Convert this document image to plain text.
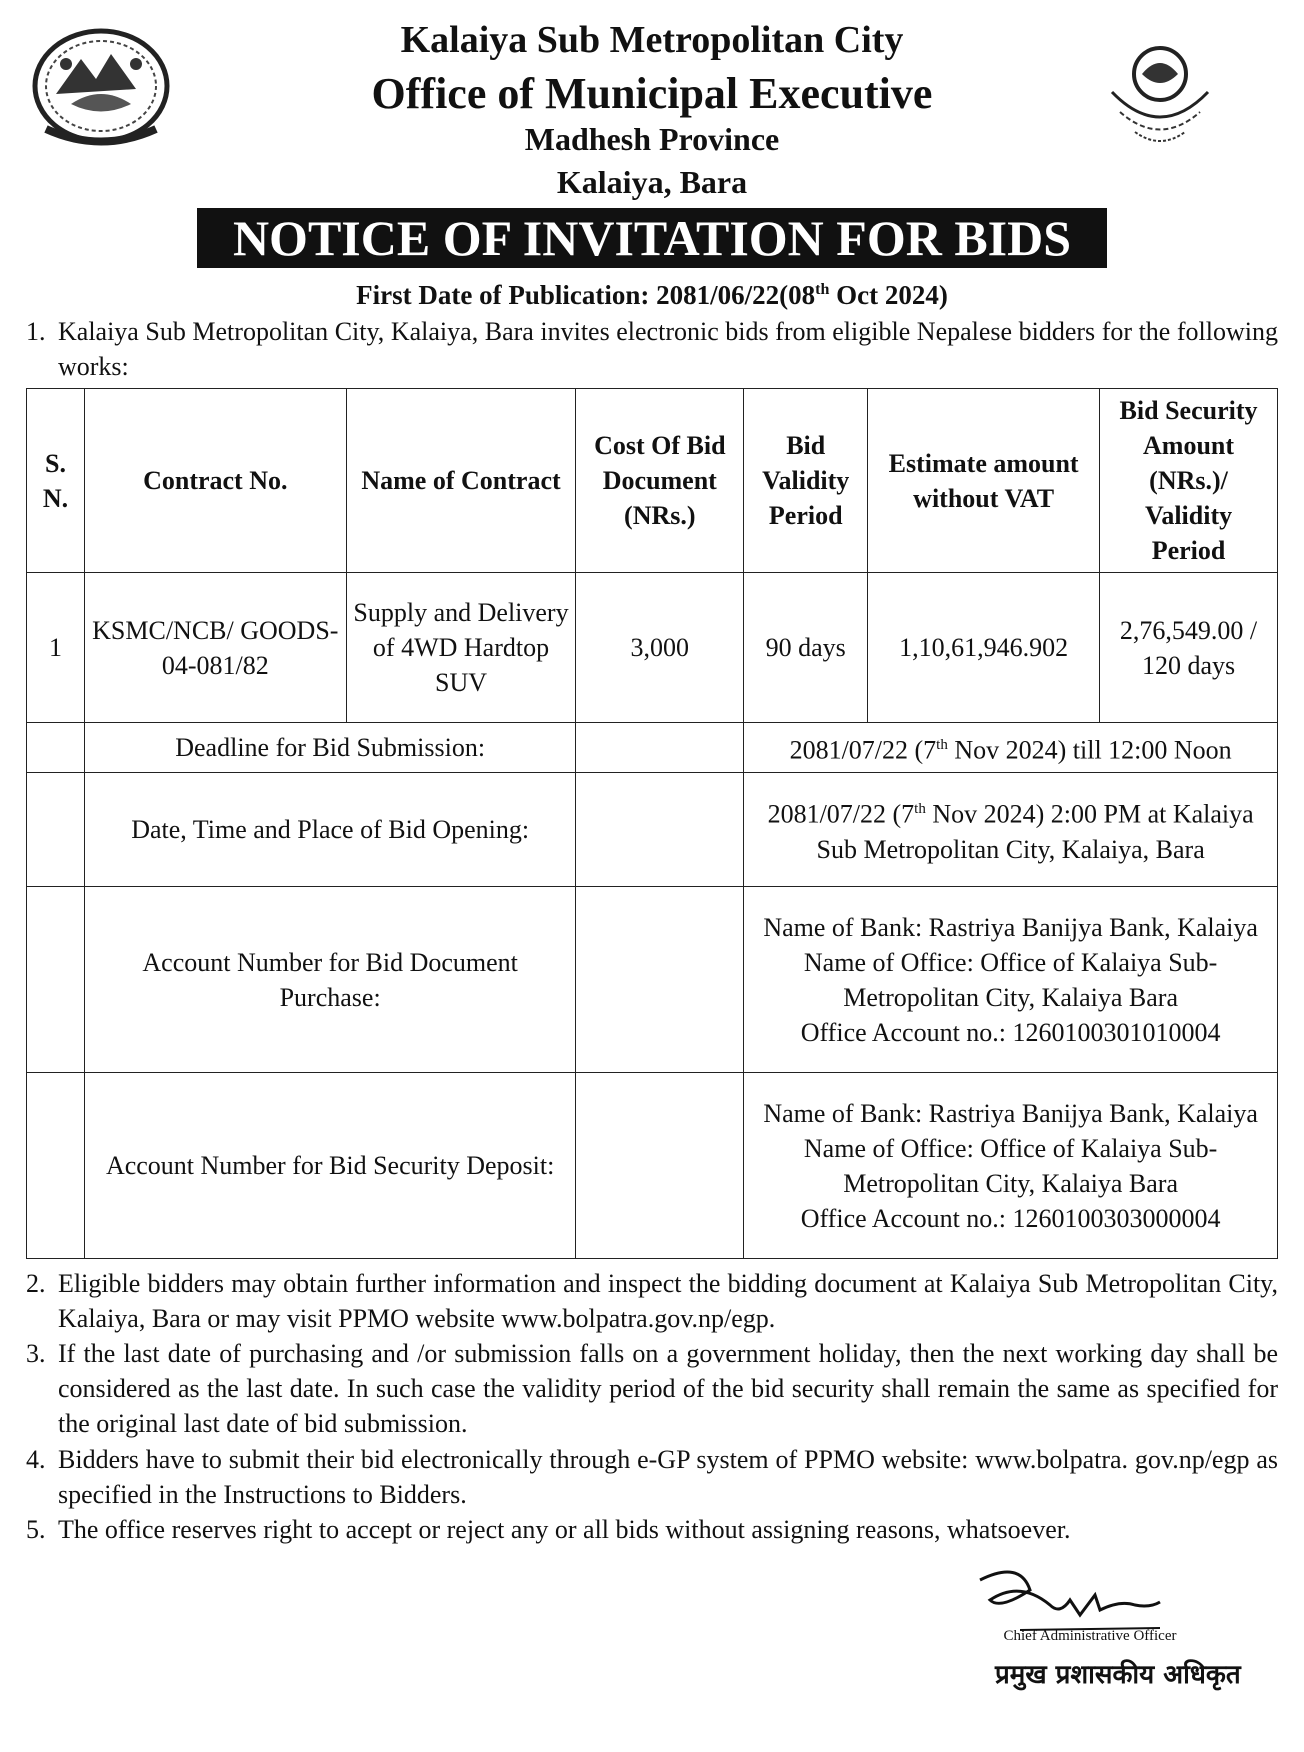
Kalaiya Sub Metropolitan City
Office of Municipal Executive
Madhesh Province
Kalaiya, Bara
NOTICE OF INVITATION FOR BIDS
First Date of Publication: 2081/06/22(08th Oct 2024)
1. Kalaiya Sub Metropolitan City, Kalaiya, Bara invites electronic bids from eligible Nepalese bidders for the following works:
S. N.	Contract No.	Name of Contract	Cost Of Bid Document (NRs.)	Bid Validity Period	Estimate amount without VAT	Bid Security Amount (NRs.)/ Validity Period
1	KSMC/NCB/ GOODS-04-081/82	Supply and Delivery of 4WD Hardtop SUV	3,000	90 days	1,10,61,946.902	2,76,549.00 / 120 days
	Deadline for Bid Submission:			2081/07/22 (7th Nov 2024) till 12:00 Noon		
	Date, Time and Place of Bid Opening:			2081/07/22 (7th Nov 2024) 2:00 PM at Kalaiya Sub Metropolitan City, Kalaiya, Bara		
	Account Number for Bid Document Purchase:			Name of Bank: Rastriya Banijya Bank, Kalaiya
Name of Office: Office of Kalaiya Sub-Metropolitan City, Kalaiya Bara
Office Account no.: 1260100301010004		

	Account Number for Bid Security Deposit:			Name of Bank: Rastriya Banijya Bank, Kalaiya
Name of Office: Office of Kalaiya Sub-Metropolitan City, Kalaiya Bara
Office Account no.: 1260100303000004		
2. Eligible bidders may obtain further information and inspect the bidding document at Kalaiya Sub Metropolitan City, Kalaiya, Bara or may visit PPMO website www.bolpatra.gov.np/egp.
3. If the last date of purchasing and /or submission falls on a government holiday, then the next working day shall be considered as the last date. In such case the validity period of the bid security shall remain the same as specified for the original last date of bid submission.
4. Bidders have to submit their bid electronically through e-GP system of PPMO website: www.bolpatra. gov.np/egp as specified in the Instructions to Bidders.
5. The office reserves right to accept or reject any or all bids without assigning reasons, whatsoever.
Chief Administrative Officer
प्रमुख प्रशासकीय अधिकृत
